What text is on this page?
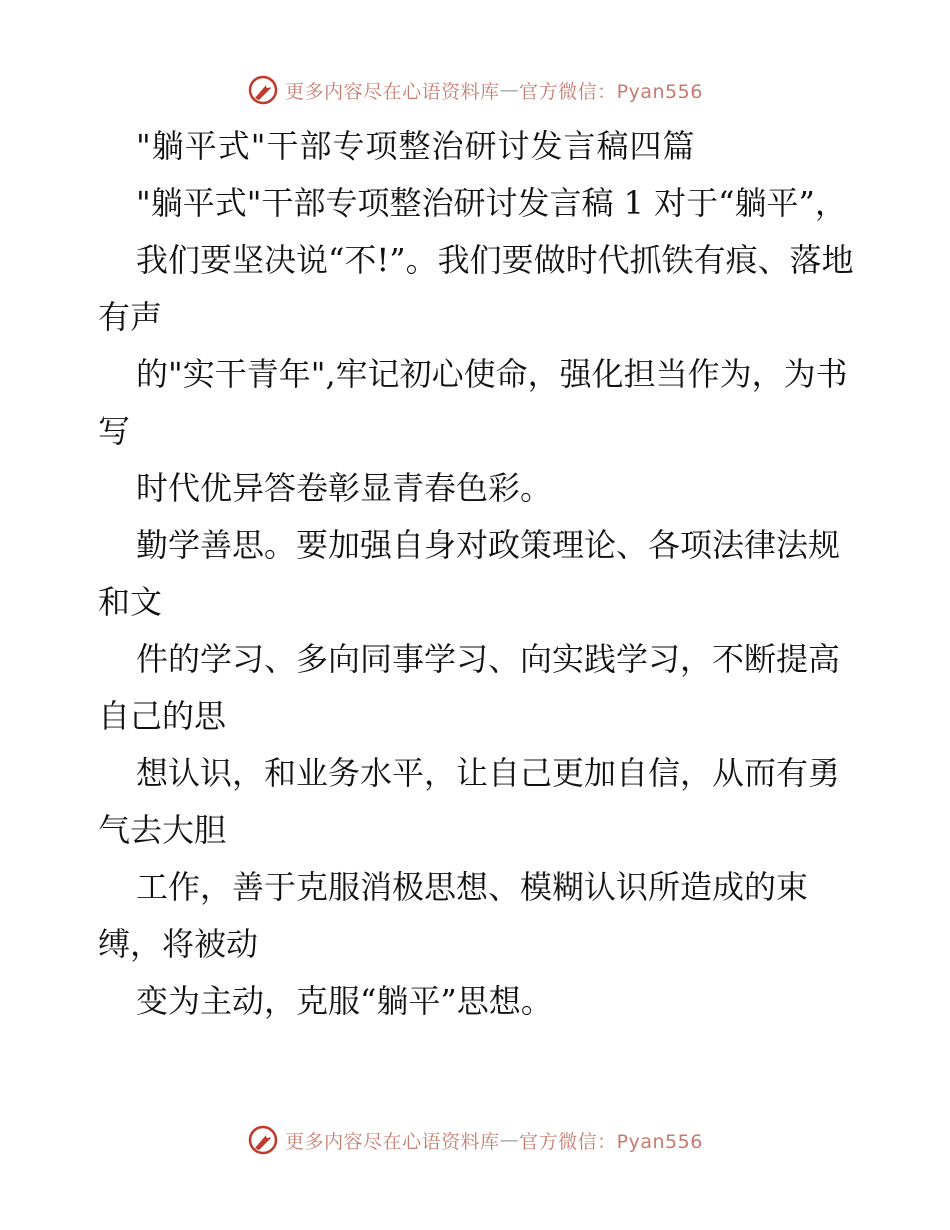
更多内容尽在心语资料库 — 官方微信：Pyan556

"躺平式"干部专项整治研讨发言稿四篇

"躺平式"干部专项整治研讨发言稿 1 对于“躺平”，

我们要坚决说“不!”。我们要做时代抓铁有痕、落地有声

的"实干青年",牢记初心使命，强化担当作为，为书写

时代优异答卷彰显青春色彩。

勤学善思。要加强自身对政策理论、各项法律法规和文

件的学习、多向同事学习、向实践学习，不断提高自己的思

想认识，和业务水平，让自己更加自信，从而有勇气去大胆

工作，善于克服消极思想、模糊认识所造成的束缚，将被动

变为主动，克服“躺平”思想。

更多内容尽在心语资料库 — 官方微信：Pyan556
